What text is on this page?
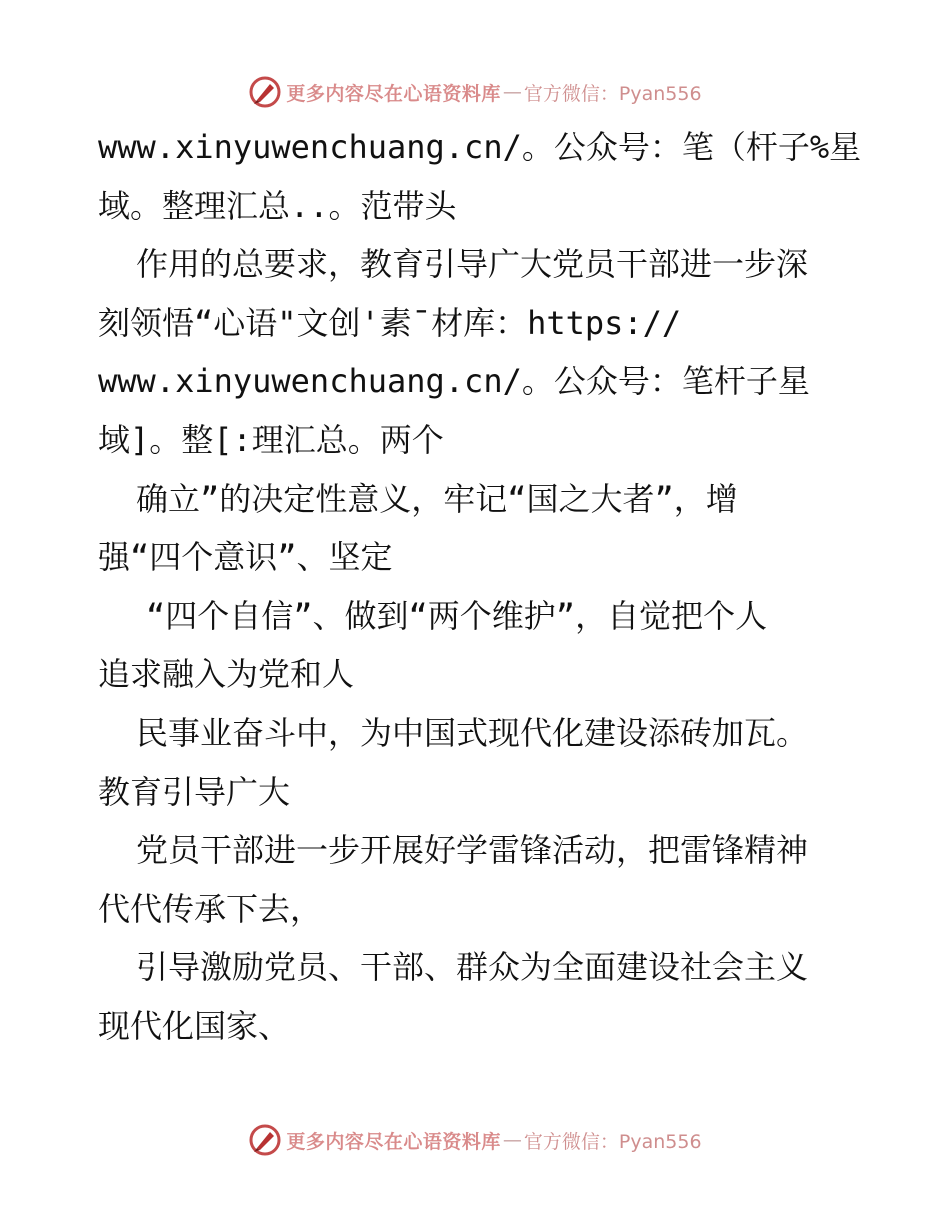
更多内容尽在心语资料库 — 官方微信：Pyan556
www.xinyuwenchuang.cn/。公众号：笔（杆子%星
域。整理汇总..。范带头
作用的总要求，教育引导广大党员干部进一步深
刻领悟“心语"文创'素¯材库：https://
www.xinyuwenchuang.cn/。公众号：笔杆子星
域]。整[:理汇总。两个
确立”的决定性意义，牢记“国之大者”，增
强“四个意识”、坚定
“四个自信”、做到“两个维护”，自觉把个人
追求融入为党和人
民事业奋斗中，为中国式现代化建设添砖加瓦。
教育引导广大
党员干部进一步开展好学雷锋活动，把雷锋精神
代代传承下去，
引导激励党员、干部、群众为全面建设社会主义
现代化国家、
更多内容尽在心语资料库 — 官方微信：Pyan556
